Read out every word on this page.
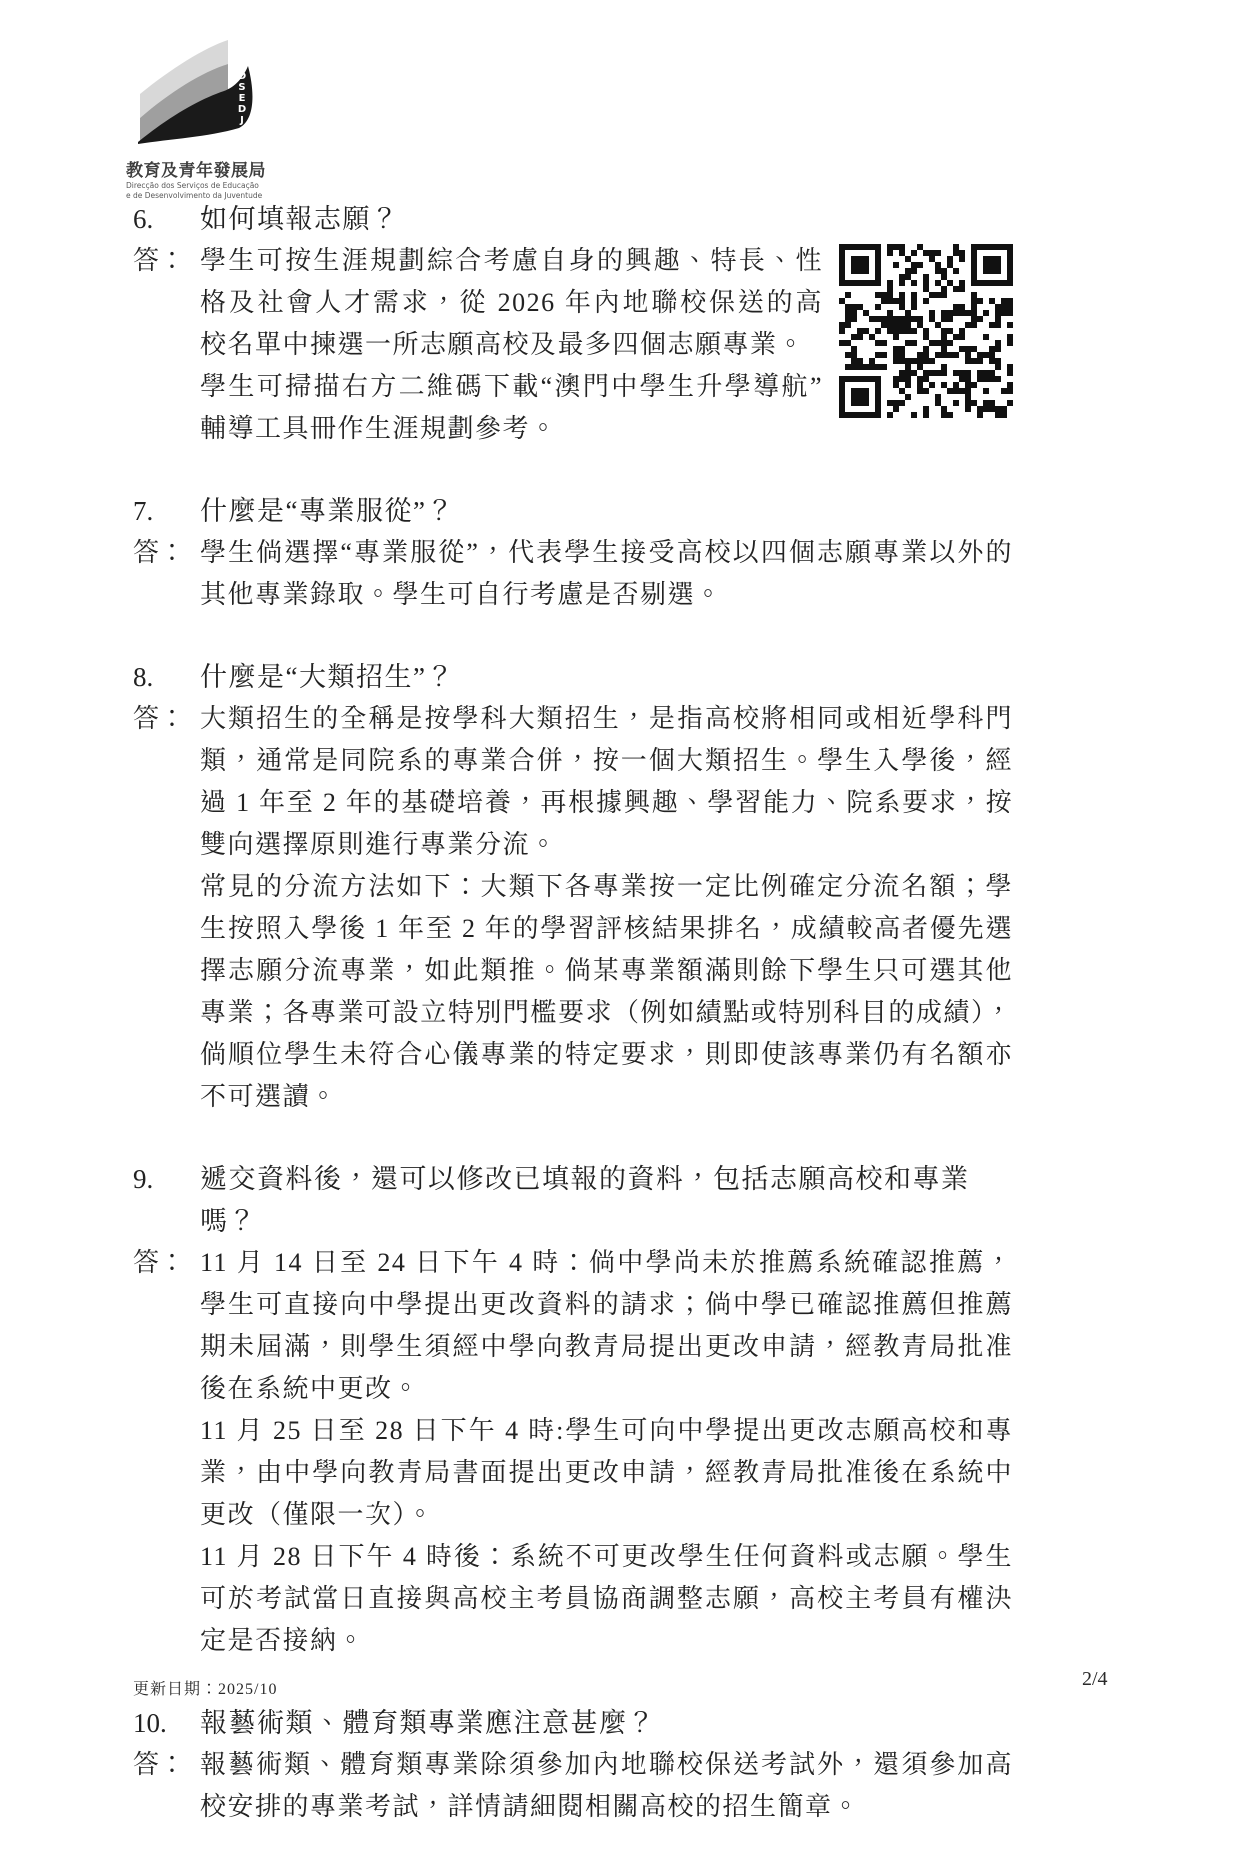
D S E D J
教育及青年發展局
Direcção dos Serviços de Educação
e de Desenvolvimento da Juventude
6.	如何填報志願？
答： 學生可按生涯規劃綜合考慮自身的興趣、特長、性格及社會人才需求，從 2026 年內地聯校保送的高校名單中揀選一所志願高校及最多四個志願專業。

學生可掃描右方二維碼下載“澳門中學生升學導航”輔導工具冊作生涯規劃參考。

7.	什麼是“專業服從”？
答： 學生倘選擇“專業服從”，代表學生接受高校以四個志願專業以外的其他專業錄取。學生可自行考慮是否剔選。

8.	什麼是“大類招生”？
答： 大類招生的全稱是按學科大類招生，是指高校將相同或相近學科門類，通常是同院系的專業合併，按一個大類招生。學生入學後，經過 1 年至 2 年的基礎培養，再根據興趣、學習能力、院系要求，按雙向選擇原則進行專業分流。

常見的分流方法如下：大類下各專業按一定比例確定分流名額；學生按照入學後 1 年至 2 年的學習評核結果排名，成績較高者優先選擇志願分流專業，如此類推。倘某專業額滿則餘下學生只可選其他專業；各專業可設立特別門檻要求（例如績點或特別科目的成績），倘順位學生未符合心儀專業的特定要求，則即使該專業仍有名額亦不可選讀。

9.	遞交資料後，還可以修改已填報的資料，包括志願高校和專業嗎？
答： 11 月 14 日至 24 日下午 4 時：倘中學尚未於推薦系統確認推薦，學生可直接向中學提出更改資料的請求；倘中學已確認推薦但推薦期未屆滿，則學生須經中學向教青局提出更改申請，經教青局批准後在系統中更改。

11 月 25 日至 28 日下午 4 時:學生可向中學提出更改志願高校和專業，由中學向教青局書面提出更改申請，經教青局批准後在系統中更改（僅限一次）。

11 月 28 日下午 4 時後：系統不可更改學生任何資料或志願。學生可於考試當日直接與高校主考員協商調整志願，高校主考員有權決定是否接納。

10.	報藝術類、體育類專業應注意甚麼？
答： 報藝術類、體育類專業除須參加內地聯校保送考試外，還須參加高校安排的專業考試，詳情請細閱相關高校的招生簡章。

更新日期：2025/10	2/4
